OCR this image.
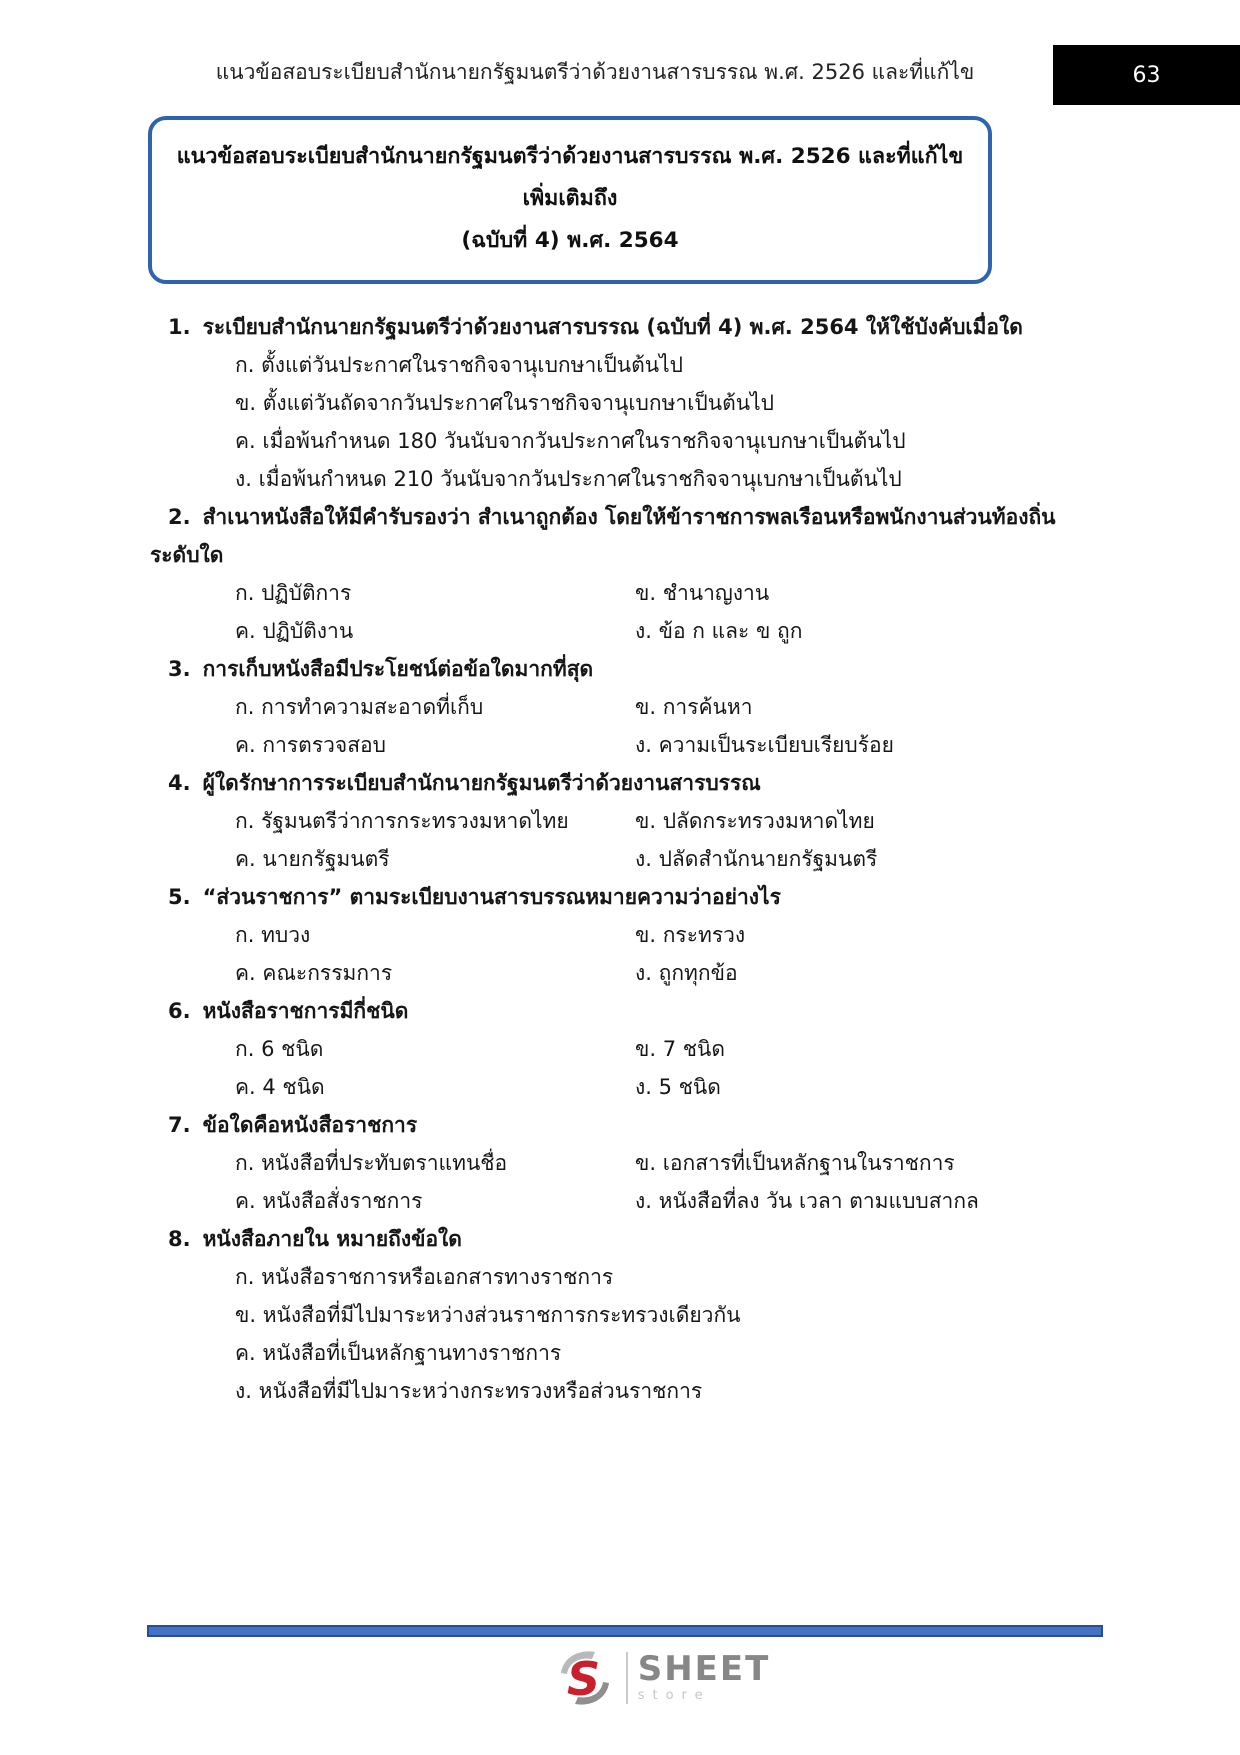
แนวข้อสอบระเบียบสำนักนายกรัฐมนตรีว่าด้วยงานสารบรรณ พ.ศ. 2526 และที่แก้ไข	63
แนวข้อสอบระเบียบสำนักนายกรัฐมนตรีว่าด้วยงานสารบรรณ พ.ศ. 2526 และที่แก้ไขเพิ่มเติมถึง
(ฉบับที่ 4) พ.ศ. 2564
1. ระเบียบสำนักนายกรัฐมนตรีว่าด้วยงานสารบรรณ (ฉบับที่ 4) พ.ศ. 2564 ให้ใช้บังคับเมื่อใด
ก. ตั้งแต่วันประกาศในราชกิจจานุเบกษาเป็นต้นไป
ข. ตั้งแต่วันถัดจากวันประกาศในราชกิจจานุเบกษาเป็นต้นไป
ค. เมื่อพ้นกำหนด 180 วันนับจากวันประกาศในราชกิจจานุเบกษาเป็นต้นไป
ง. เมื่อพ้นกำหนด 210 วันนับจากวันประกาศในราชกิจจานุเบกษาเป็นต้นไป
2. สำเนาหนังสือให้มีคำรับรองว่า สำเนาถูกต้อง โดยให้ข้าราชการพลเรือนหรือพนักงานส่วนท้องถิ่น
ระดับใด
ก. ปฏิบัติการ	ข. ชำนาญงาน
ค. ปฏิบัติงาน	ง. ข้อ ก และ ข ถูก
3. การเก็บหนังสือมีประโยชน์ต่อข้อใดมากที่สุด
ก. การทำความสะอาดที่เก็บ	ข. การค้นหา
ค. การตรวจสอบ	ง. ความเป็นระเบียบเรียบร้อย
4. ผู้ใดรักษาการระเบียบสำนักนายกรัฐมนตรีว่าด้วยงานสารบรรณ
ก. รัฐมนตรีว่าการกระทรวงมหาดไทย	ข. ปลัดกระทรวงมหาดไทย
ค. นายกรัฐมนตรี	ง. ปลัดสำนักนายกรัฐมนตรี
5. “ส่วนราชการ” ตามระเบียบงานสารบรรณหมายความว่าอย่างไร
ก. ทบวง	ข. กระทรวง
ค. คณะกรรมการ	ง. ถูกทุกข้อ
6. หนังสือราชการมีกี่ชนิด
ก. 6 ชนิด	ข. 7 ชนิด
ค. 4 ชนิด	ง. 5 ชนิด
7. ข้อใดคือหนังสือราชการ
ก. หนังสือที่ประทับตราแทนชื่อ	ข. เอกสารที่เป็นหลักฐานในราชการ
ค. หนังสือสั่งราชการ	ง. หนังสือที่ลง วัน เวลา ตามแบบสากล
8. หนังสือภายใน หมายถึงข้อใด
ก. หนังสือราชการหรือเอกสารทางราชการ
ข. หนังสือที่มีไปมาระหว่างส่วนราชการกระทรวงเดียวกัน
ค. หนังสือที่เป็นหลักฐานทางราชการ
ง. หนังสือที่มีไปมาระหว่างกระทรวงหรือส่วนราชการ
S SHEET
store
